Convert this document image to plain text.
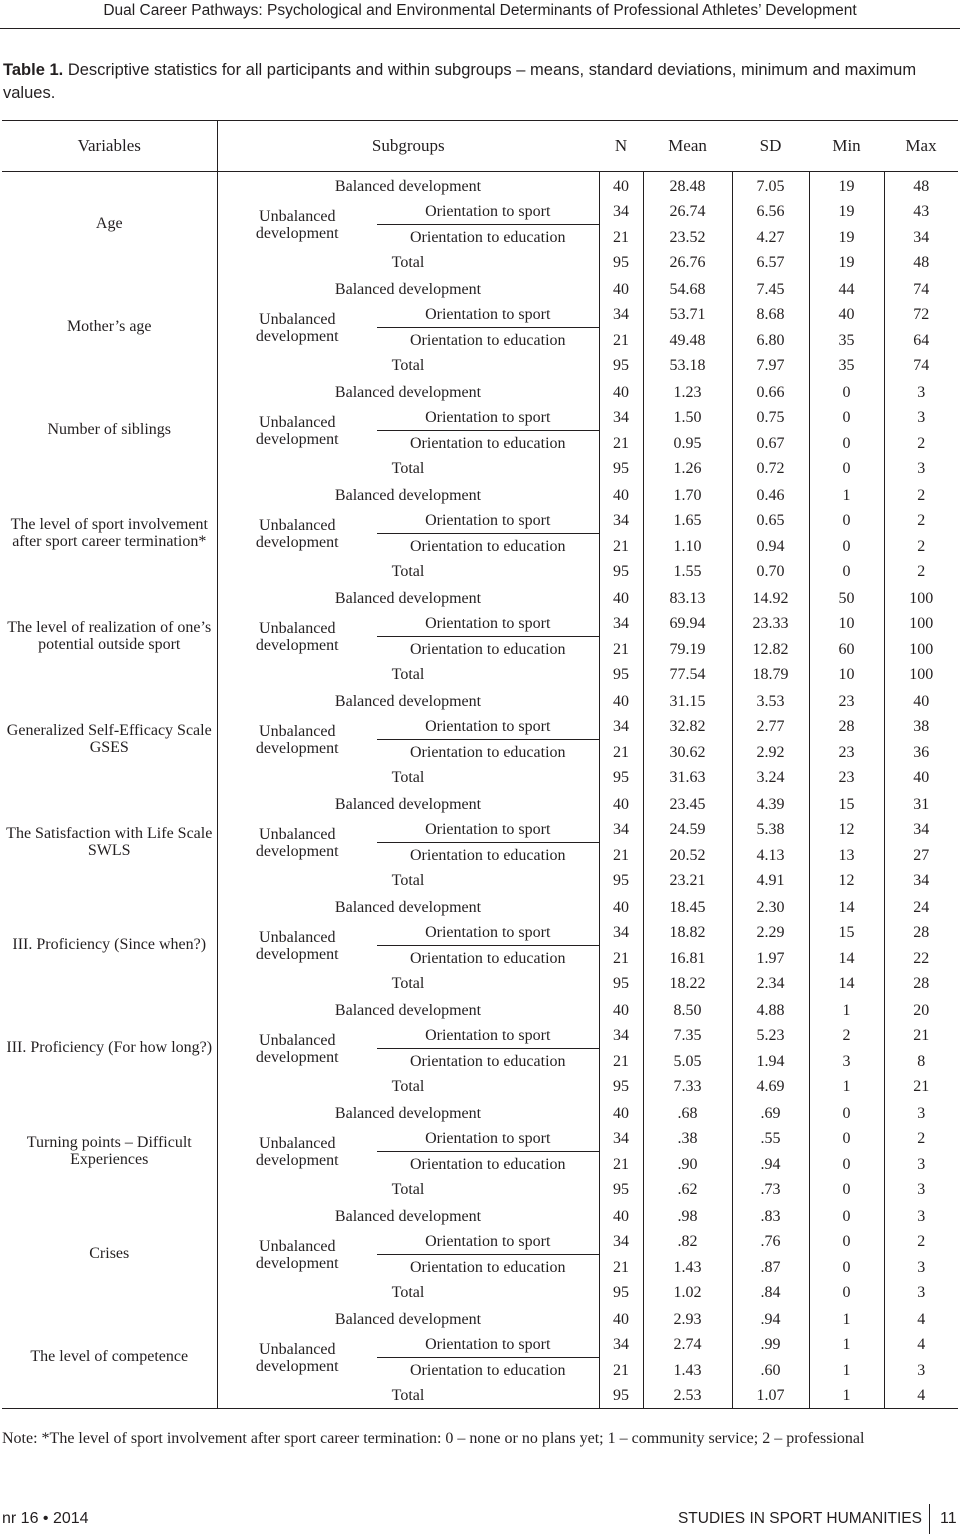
Dual Career Pathways: Psychological and Environmental Determinants of Professional Athletes’ Development
Table 1. Descriptive statistics for all participants and within subgroups – means, standard deviations, minimum and maximum values.
Variables	Subgroups		N	Mean	SD	Min	Max
Age	Balanced development		40	28.48	7.05	19	48
	Unbalanced development	Orientation to sport	34	26.74	6.56	19	43
		Orientation to education	21	23.52	4.27	19	34
	Total		95	26.76	6.57	19	48
Mother’s age	Balanced development		40	54.68	7.45	44	74
	Unbalanced development	Orientation to sport	34	53.71	8.68	40	72
		Orientation to education	21	49.48	6.80	35	64
	Total		95	53.18	7.97	35	74
Number of siblings	Balanced development		40	1.23	0.66	0	3
	Unbalanced development	Orientation to sport	34	1.50	0.75	0	3
		Orientation to education	21	0.95	0.67	0	2
	Total		95	1.26	0.72	0	3
The level of sport involvement after sport career termination*	Balanced development		40	1.70	0.46	1	2
	Unbalanced development	Orientation to sport	34	1.65	0.65	0	2
		Orientation to education	21	1.10	0.94	0	2
	Total		95	1.55	0.70	0	2
The level of realization of one’s potential outside sport	Balanced development		40	83.13	14.92	50	100
	Unbalanced development	Orientation to sport	34	69.94	23.33	10	100
		Orientation to education	21	79.19	12.82	60	100
	Total		95	77.54	18.79	10	100
Generalized Self-Efficacy Scale GSES	Balanced development		40	31.15	3.53	23	40
	Unbalanced development	Orientation to sport	34	32.82	2.77	28	38
		Orientation to education	21	30.62	2.92	23	36
	Total		95	31.63	3.24	23	40
The Satisfaction with Life Scale SWLS	Balanced development		40	23.45	4.39	15	31
	Unbalanced development	Orientation to sport	34	24.59	5.38	12	34
		Orientation to education	21	20.52	4.13	13	27
	Total		95	23.21	4.91	12	34
III. Proficiency (Since when?)	Balanced development		40	18.45	2.30	14	24
	Unbalanced development	Orientation to sport	34	18.82	2.29	15	28
		Orientation to education	21	16.81	1.97	14	22
	Total		95	18.22	2.34	14	28
III. Proficiency (For how long?)	Balanced development		40	8.50	4.88	1	20
	Unbalanced development	Orientation to sport	34	7.35	5.23	2	21
		Orientation to education	21	5.05	1.94	3	8
	Total		95	7.33	4.69	1	21
Turning points – Difficult Experiences	Balanced development		40	.68	.69	0	3
	Unbalanced development	Orientation to sport	34	.38	.55	0	2
		Orientation to education	21	.90	.94	0	3
	Total		95	.62	.73	0	3
Crises	Balanced development		40	.98	.83	0	3
	Unbalanced development	Orientation to sport	34	.82	.76	0	2
		Orientation to education	21	1.43	.87	0	3
	Total		95	1.02	.84	0	3
The level of competence	Balanced development		40	2.93	.94	1	4
	Unbalanced development	Orientation to sport	34	2.74	.99	1	4
		Orientation to education	21	1.43	.60	1	3
	Total		95	2.53	1.07	1	4
Note: *The level of sport involvement after sport career termination: 0 – none or no plans yet; 1 – community service; 2 – professional
nr 16 • 2014	STUDIES IN SPORT HUMANITIES 11
